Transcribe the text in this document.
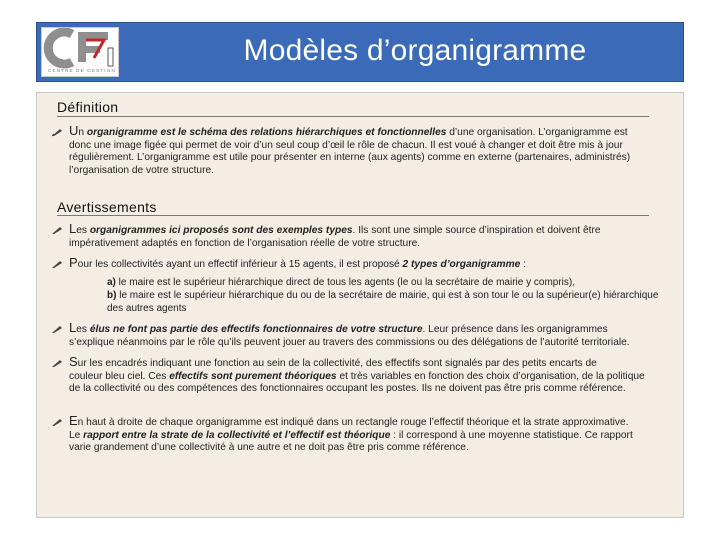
CENTRE DE GESTION
Modèles d’organigramme
Définition
Un organigramme est le schéma des relations hiérarchiques et fonctionnelles d’une organisation. L’organigramme est
donc une image figée qui permet de voir d’un seul coup d’œil le rôle de chacun. Il est voué à changer et doit être mis à jour régulièrement. L’organigramme est utile pour présenter en interne (aux agents) comme en externe (partenaires, administrés) l’organisation de votre structure.
Avertissements
Les organigrammes ici proposés sont des exemples types. Ils sont une simple source d’inspiration et doivent être
impérativement adaptés en fonction de l’organisation réelle de votre structure.
Pour les collectivités ayant un effectif inférieur à 15 agents, il est proposé 2 types d’organigramme :
a) le maire est le supérieur hiérarchique direct de tous les agents (le ou la secrétaire de mairie y compris),
b) le maire est le supérieur hiérarchique du ou de la secrétaire de mairie, qui est à son tour le ou la supérieur(e) hiérarchique des autres agents
Les élus ne font pas partie des effectifs fonctionnaires de votre structure. Leur présence dans les organigrammes
s’explique néanmoins par le rôle qu’ils peuvent jouer au travers des commissions ou des délégations de l’autorité territoriale.
Sur les encadrés indiquant une fonction au sein de la collectivité, des effectifs sont signalés par des petits encarts de
couleur bleu ciel. Ces effectifs sont purement théoriques et très variables en fonction des choix d’organisation, de la politique de la collectivité ou des compétences des fonctionnaires occupant les postes. Ils ne doivent pas être pris comme référence.
En haut à droite de chaque organigramme est indiqué dans un rectangle rouge l’effectif théorique et la strate approximative.
Le rapport entre la strate de la collectivité et l’effectif est théorique : il correspond à une moyenne statistique. Ce rapport varie grandement d’une collectivité à une autre et ne doit pas être pris comme référence.
